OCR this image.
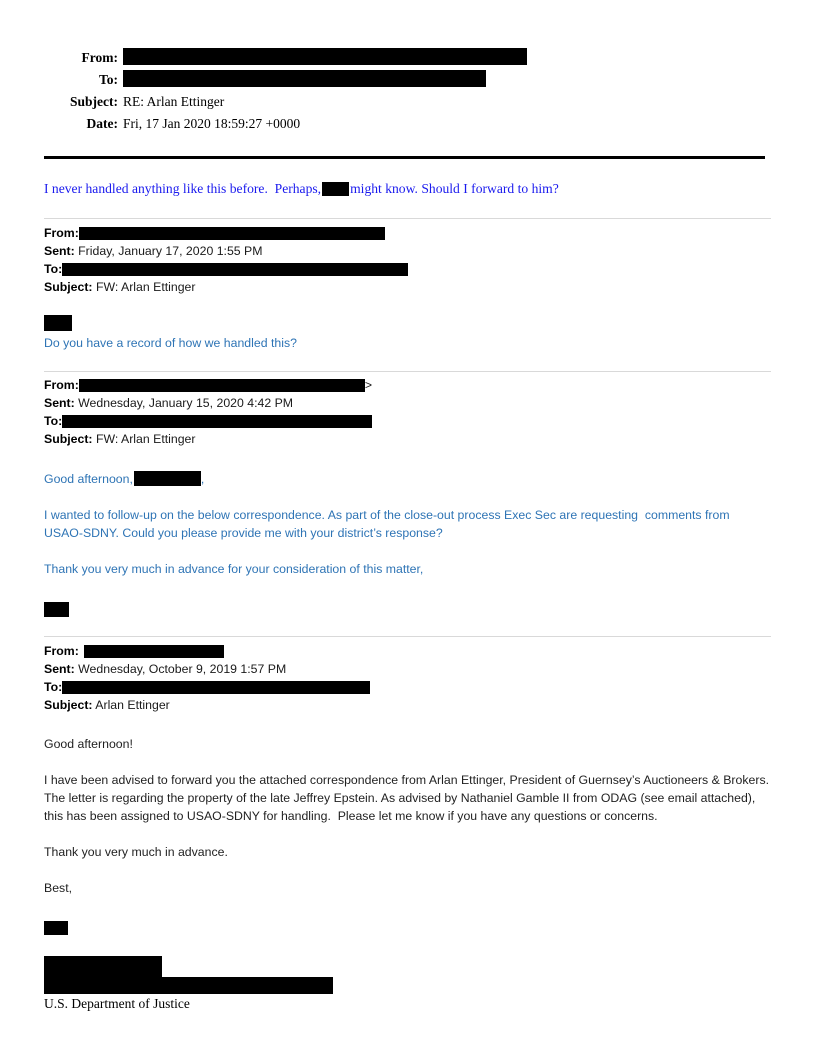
From:
To:
Subject: RE: Arlan Ettinger
Date: Fri, 17 Jan 2020 18:59:27 +0000
I never handled anything like this before.  Perhaps, might know. Should I forward to him?
From:
Sent: Friday, January 17, 2020 1:55 PM
To:
Subject: FW: Arlan Ettinger
Do you have a record of how we handled this?
From:	>
Sent: Wednesday, January 15, 2020 4:42 PM
To:
Subject: FW: Arlan Ettinger
Good afternoon,	,
I wanted to follow-up on the below correspondence. As part of the close-out process Exec Sec are requesting  comments from USAO-SDNY. Could you please provide me with your district’s response?
Thank you very much in advance for your consideration of this matter,
From:
Sent: Wednesday, October 9, 2019 1:57 PM
To:
Subject: Arlan Ettinger
Good afternoon!
I have been advised to forward you the attached correspondence from Arlan Ettinger, President of Guernsey’s Auctioneers & Brokers. The letter is regarding the property of the late Jeffrey Epstein. As advised by Nathaniel Gamble II from ODAG (see email attached), this has been assigned to USAO-SDNY for handling.  Please let me know if you have any questions or concerns.
Thank you very much in advance.
Best,
U.S. Department of Justice
